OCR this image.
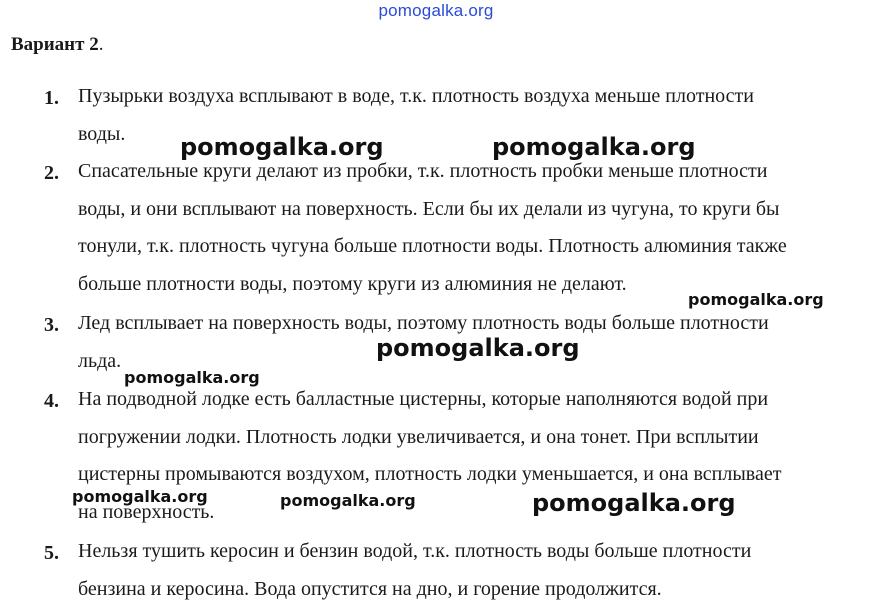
pomogalka.org
Вариант 2.
1. Пузырьки воздуха всплывают в воде, т.к. плотность воздуха меньше плотности
воды.
2. Спасательные круги делают из пробки, т.к. плотность пробки меньше плотности
воды, и они всплывают на поверхность. Если бы их делали из чугуна, то круги бы
тонули, т.к. плотность чугуна больше плотности воды. Плотность алюминия также
больше плотности воды, поэтому круги из алюминия не делают.
3. Лед всплывает на поверхность воды, поэтому плотность воды больше плотности
льда.
4. На подводной лодке есть балластные цистерны, которые наполняются водой при
погружении лодки. Плотность лодки увеличивается, и она тонет. При всплытии
цистерны промываются воздухом, плотность лодки уменьшается, и она всплывает
на поверхность.
5. Нельзя тушить керосин и бензин водой, т.к. плотность воды больше плотности
бензина и керосина. Вода опустится на дно, и горение продолжится.
pomogalka.org	pomogalka.org
pomogalka.org
pomogalka.org
pomogalka.org
pomogalka.org	pomogalka.org	pomogalka.org
